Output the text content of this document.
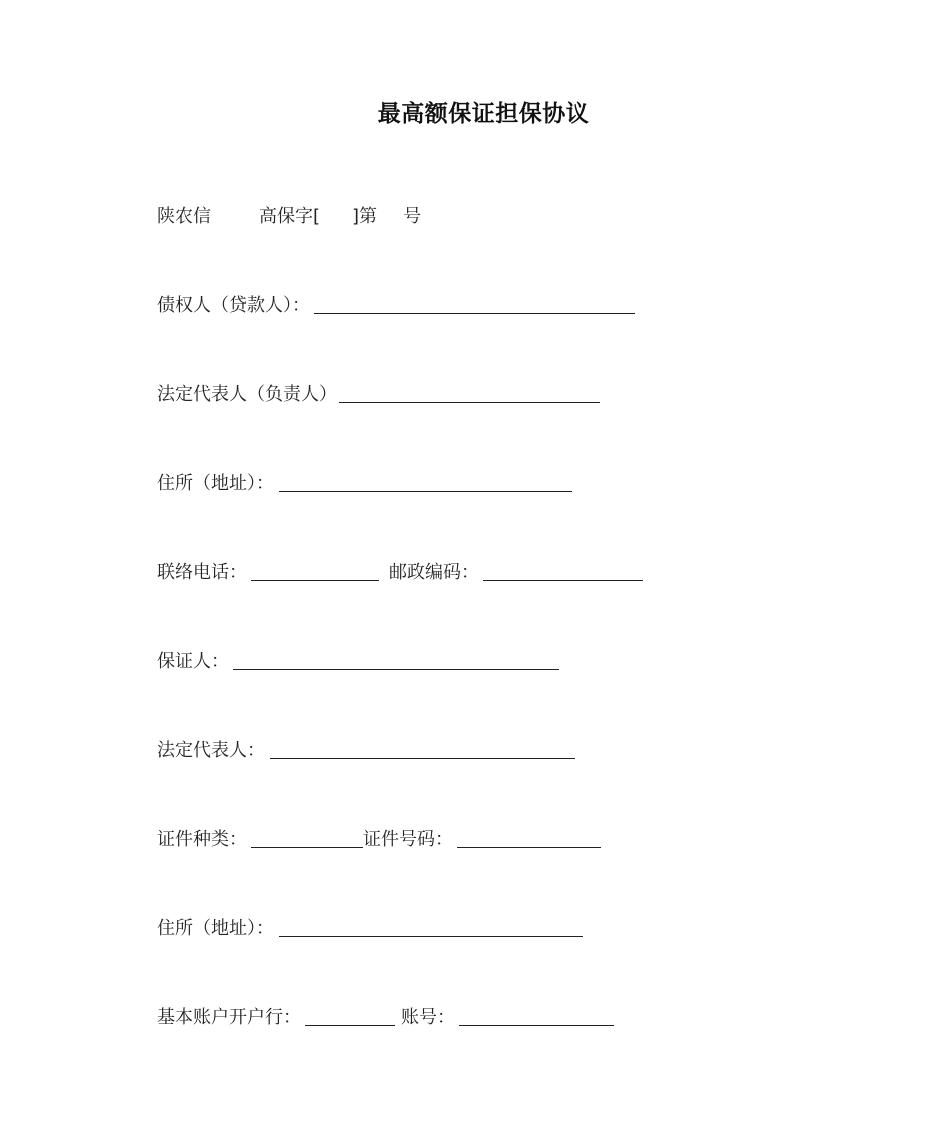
最高额保证担保协议
陕农信	高保字[ ]第 号
债权人（贷款人）：
法定代表人（负责人）
住所（地址）：
联络电话：	邮政编码：
保证人：
法定代表人：
证件种类：	证件号码：
住所（地址）：
基本账户开户行：	账号：
